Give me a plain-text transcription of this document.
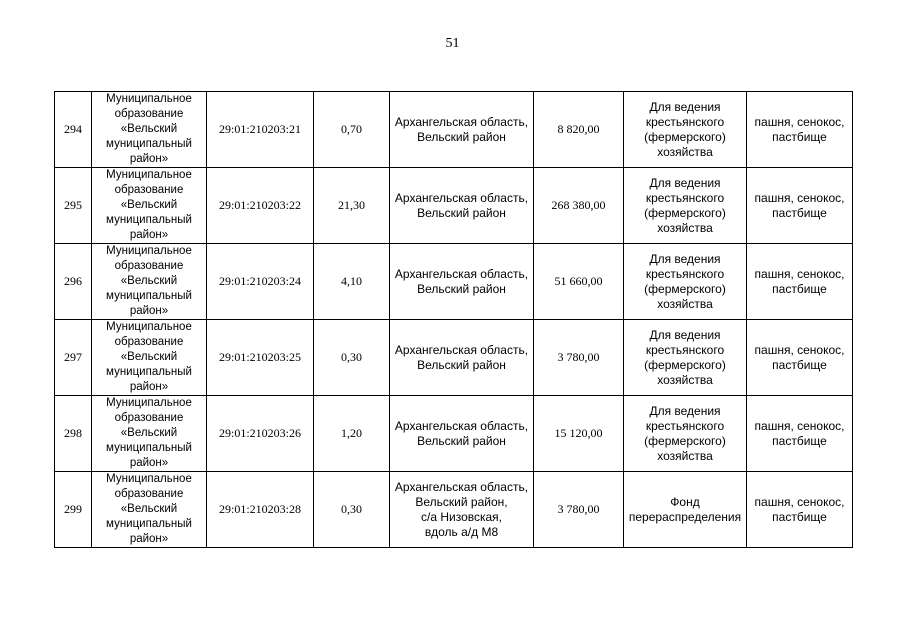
51
294	Муниципальное
образование
«Вельский
муниципальный
район»	29:01:210203:21	0,70	Архангельская область,
Вельский район	8 820,00	Для ведения
крестьянского
(фермерского)
хозяйства	пашня, сенокос,
пастбище
295	Муниципальное
образование
«Вельский
муниципальный
район»	29:01:210203:22	21,30	Архангельская область,
Вельский район	268 380,00	Для ведения
крестьянского
(фермерского)
хозяйства	пашня, сенокос,
пастбище
296	Муниципальное
образование
«Вельский
муниципальный
район»	29:01:210203:24	4,10	Архангельская область,
Вельский район	51 660,00	Для ведения
крестьянского
(фермерского)
хозяйства	пашня, сенокос,
пастбище
297	Муниципальное
образование
«Вельский
муниципальный
район»	29:01:210203:25	0,30	Архангельская область,
Вельский район	3 780,00	Для ведения
крестьянского
(фермерского)
хозяйства	пашня, сенокос,
пастбище
298	Муниципальное
образование
«Вельский
муниципальный
район»	29:01:210203:26	1,20	Архангельская область,
Вельский район	15 120,00	Для ведения
крестьянского
(фермерского)
хозяйства	пашня, сенокос,
пастбище
299	Муниципальное
образование
«Вельский
муниципальный
район»	29:01:210203:28	0,30	Архангельская область,
Вельский район,
с/а Низовская,
вдоль а/д М8	3 780,00	Фонд
перераспределения	пашня, сенокос,
пастбище
